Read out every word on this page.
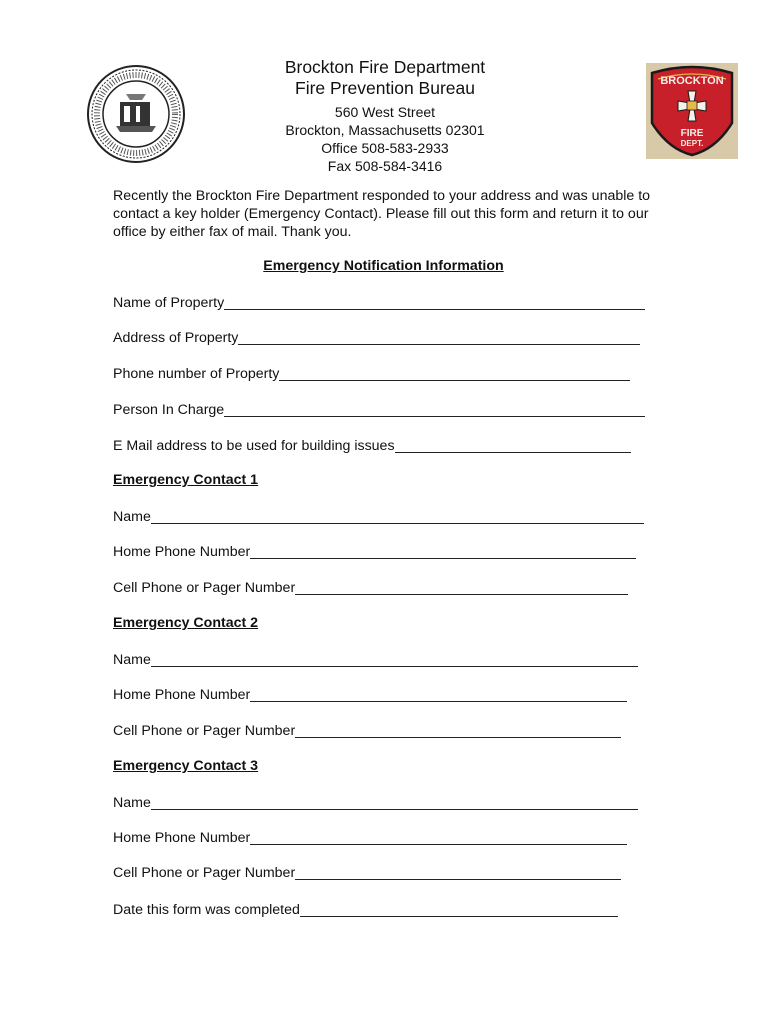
Brockton Fire Department
Fire Prevention Bureau
560 West Street
Brockton, Massachusetts 02301
Office 508-583-2933
Fax 508-584-3416
BROCKTON
FIRE
DEPT.

Recently the Brockton Fire Department responded to your address and was unable to contact a key holder (Emergency Contact). Please fill out this form and return it to our office by either fax of mail. Thank you.

Emergency Notification Information
Name of Property
Address of Property
Phone number of Property
Person In Charge
E Mail address to be used for building issues
Emergency Contact 1
Name
Home Phone Number
Cell Phone or Pager Number
Emergency Contact 2
Name
Home Phone Number
Cell Phone or Pager Number
Emergency Contact 3
Name
Home Phone Number
Cell Phone or Pager Number
Date this form was completed
